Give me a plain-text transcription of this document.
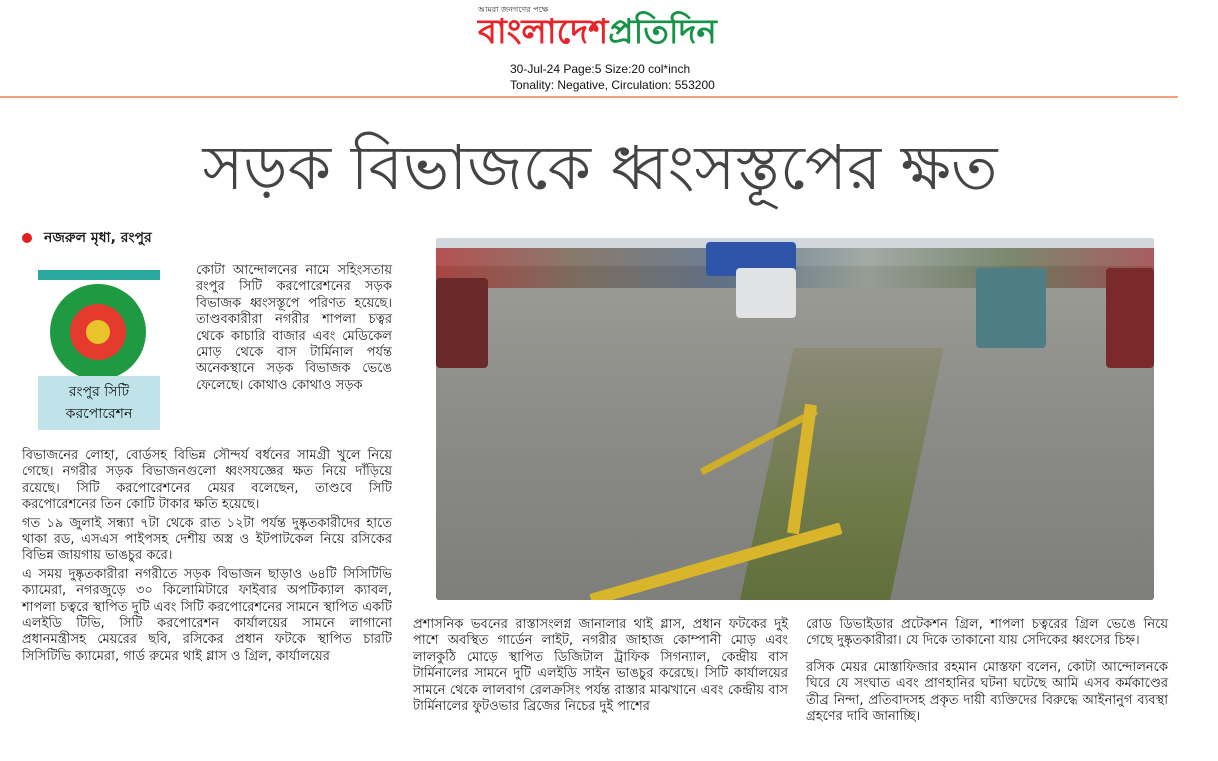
আমরা জনগণের পক্ষে
বাংলাদেশপ্রতিদিন
30-Jul-24 Page:5 Size:20 col*inch
Tonality: Negative, Circulation: 553200
সড়ক বিভাজকে ধ্বংসস্তূপের ক্ষত
নজরুল মৃধা, রংপুর
রংপুর সিটি করপোরেশন

কোটা আন্দোলনের নামে সহিংসতায় রংপুর সিটি করপোরেশনের সড়ক বিভাজক ধ্বংসস্তূপে পরিণত হয়েছে। তাণ্ডবকারীরা নগরীর শাপলা চত্বর থেকে কাচারি বাজার এবং মেডিকেল মোড় থেকে বাস টার্মিনাল পর্যন্ত অনেকস্থানে সড়ক বিভাজক ভেঙে ফেলেছে। কোথাও কোথাও সড়ক

বিভাজনের লোহা, বোর্ডসহ বিভিন্ন সৌন্দর্য বর্ধনের সামগ্রী খুলে নিয়ে গেছে। নগরীর সড়ক বিভাজনগুলো ধ্বংসযজ্ঞের ক্ষত নিয়ে দাঁড়িয়ে রয়েছে। সিটি করপোরেশনের মেয়র বলেছেন, তাণ্ডবে সিটি করপোরেশনের তিন কোটি টাকার ক্ষতি হয়েছে।

গত ১৯ জুলাই সন্ধ্যা ৭টা থেকে রাত ১২টা পর্যন্ত দুষ্কৃতকারীদের হাতে থাকা রড, এসএস পাইপসহ দেশীয় অস্ত্র ও ইটপাটকেল নিয়ে রসিকের বিভিন্ন জায়গায় ভাঙচুর করে।

এ সময় দুষ্কৃতকারীরা নগরীতে সড়ক বিভাজন ছাড়াও ৬৪টি সিসিটিভি ক্যামেরা, নগরজুড়ে ৩০ কিলোমিটারে ফাইবার অপটিক্যাল ক্যাবল, শাপলা চত্বরে স্থাপিত দুটি এবং সিটি করপোরেশনের সামনে স্থাপিত একটি এলইডি টিভি, সিটি করপোরেশন কার্যালয়ের সামনে লাগানো প্রধানমন্ত্রীসহ মেয়রের ছবি, রসিকের প্রধান ফটকে স্থাপিত চারটি সিসিটিভি ক্যামেরা, গার্ড রুমের থাই গ্লাস ও গ্রিল, কার্যালয়ের

প্রশাসনিক ভবনের রাস্তাসংলগ্ন জানালার থাই গ্লাস, প্রধান ফটকের দুই পাশে অবস্থিত গার্ডেন লাইট, নগরীর জাহাজ কোম্পানী মোড় এবং লালকুঠি মোড়ে স্থাপিত ডিজিটাল ট্রাফিক সিগন্যাল, কেন্দ্রীয় বাস টার্মিনালের সামনে দুটি এলইডি সাইন ভাঙচুর করেছে। সিটি কার্যালয়ের সামনে থেকে লালবাগ রেলক্রসিং পর্যন্ত রাস্তার মাঝখানে এবং কেন্দ্রীয় বাস টার্মিনালের ফুটওভার ব্রিজের নিচের দুই পাশের

রোড ডিভাইডার প্রটেকশন গ্রিল, শাপলা চত্বরের গ্রিল ভেঙে নিয়ে গেছে দুষ্কৃতকারীরা। যে দিকে তাকানো যায় সেদিকের ধ্বংসের চিহ্ন।

রসিক মেয়র মোস্তাফিজার রহমান মোস্তফা বলেন, কোটা আন্দোলনকে ঘিরে যে সংঘাত এবং প্রাণহানির ঘটনা ঘটেছে আমি এসব কর্মকাণ্ডের তীব্র নিন্দা, প্রতিবাদসহ প্রকৃত দায়ী ব্যক্তিদের বিরুদ্ধে আইনানুগ ব্যবস্থা গ্রহণের দাবি জানাচ্ছি।
